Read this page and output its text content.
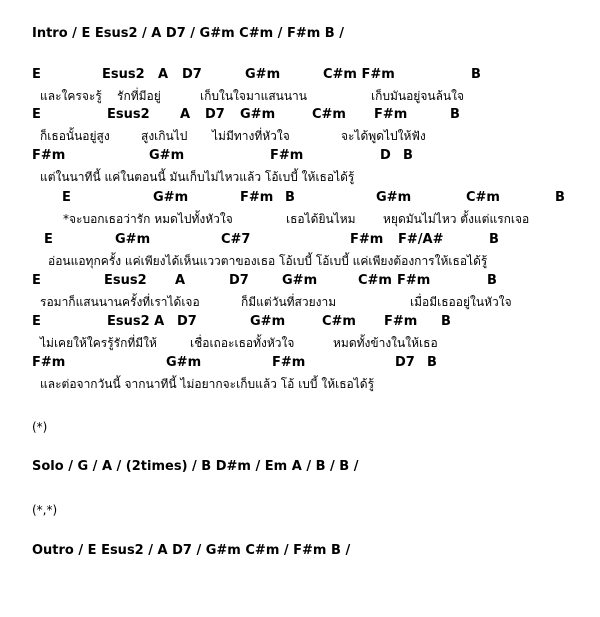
Intro / E Esus2 / A D7 / G#m C#m / F#m B /
E	Esus2 A D7	G#m	C#m F#m	B
และใครจะรู้ รักที่มีอยู่	เก็บในใจมาแสนนาน	เก็บมันอยู่จนล้นใจ
E	Esus2 A D7 G#m	C#m F#m	B
ก็เธอนั้นอยู่สูง	สูงเกินไป ไม่มีทางที่หัวใจ	จะได้พูดไปให้ฟัง
F#m	G#m	F#m	D B
แต่ในนาทีนี้ แค่ในตอนนี้ มันเก็บไม่ไหวแล้ว โอ้เบบี้ ให้เธอได้รู้
E	G#m	F#m B	G#m	C#m	B
*จะบอกเธอว่ารัก หมดไปทั้งหัวใจ	เธอได้ยินไหม หยุดมันไม่ไหว ตั้งแต่แรกเจอ
E	G#m	C#7	F#m F#/A#	B
อ่อนแอทุกครั้ง แค่เพียงได้เห็นแววตาของเธอ โอ้เบบี้ โอ้เบบี้ แค่เพียงต้องการให้เธอได้รู้
E	Esus2 A	D7	G#m	C#m F#m	B
รอมาก็แสนนานครั้งที่เราได้เจอ	ก็มีแต่วันที่สวยงาม	เมื่อมีเธออยู่ในหัวใจ
E	Esus2 A D7	G#m	C#m F#m B
ไม่เคยให้ใครรู้รักที่มีให้	เชื่อเถอะเธอทั้งหัวใจ	หมดทั้งข้างในให้เธอ
F#m	G#m	F#m	D7 B
และต่อจากวันนี้ จากนาทีนี้ ไม่อยากจะเก็บแล้ว โอ้ เบบี้ ให้เธอได้รู้
(*)
Solo / G / A / (2times) / B D#m / Em A / B / B /
(*,*)
Outro / E Esus2 / A D7 / G#m C#m / F#m B /
